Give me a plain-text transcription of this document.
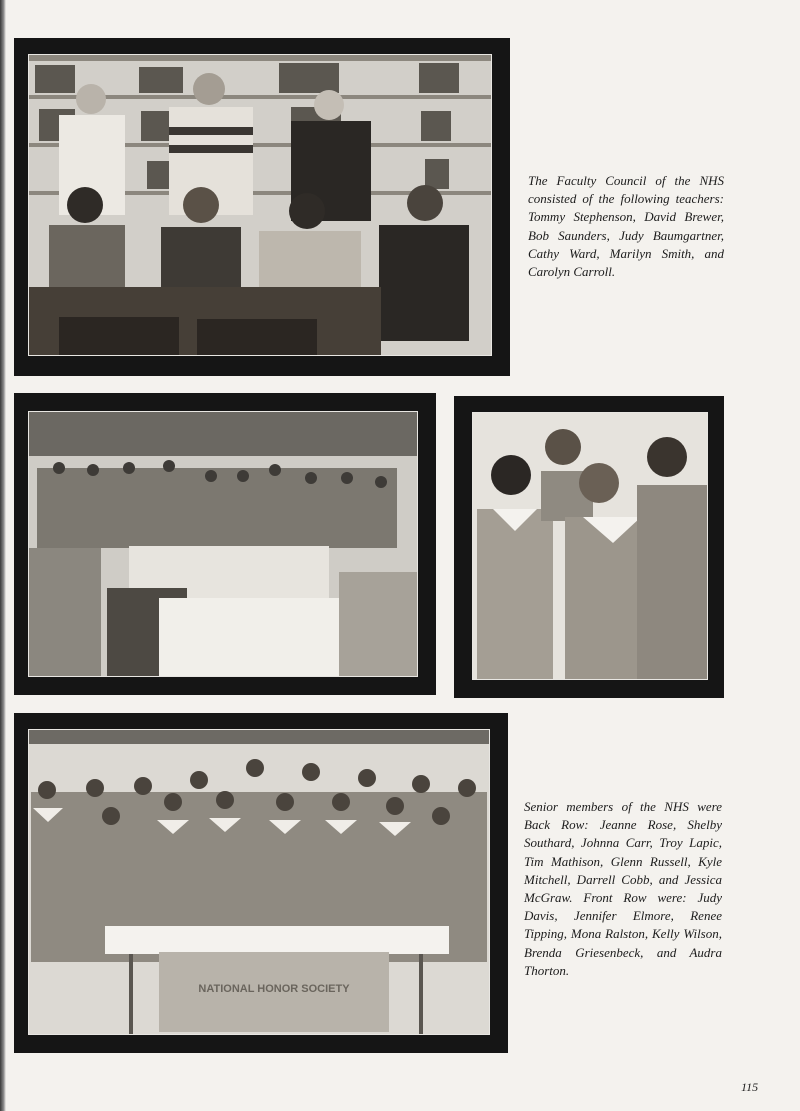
The Faculty Council of the NHS consisted of the following teachers: Tommy Stephenson, David Brewer, Bob Saunders, Judy Baumgartner, Cathy Ward, Marilyn Smith, and Carolyn Carroll.
NATIONAL HONOR SOCIETY
Senior members of the NHS were Back Row: Jeanne Rose, Shelby Southard, Johnna Carr, Troy Lapic, Tim Mathison, Glenn Russell, Kyle Mitchell, Darrell Cobb, and Jessica McGraw. Front Row were: Judy Davis, Jennifer Elmore, Renee Tipping, Mona Ralston, Kelly Wilson, Brenda Griesenbeck, and Audra Thorton.
115
